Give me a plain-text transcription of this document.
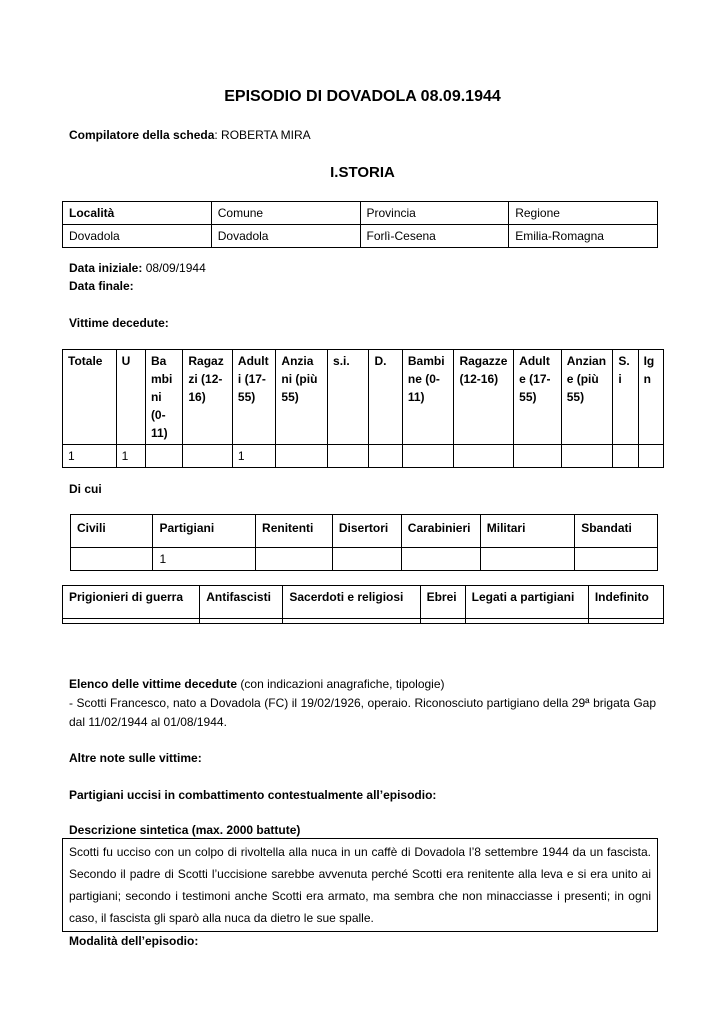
EPISODIO DI DOVADOLA 08.09.1944
Compilatore della scheda: ROBERTA MIRA
I.STORIA
Località	Comune	Provincia	Regione
Dovadola	Dovadola	Forlì-Cesena	Emilia-Romagna
Data iniziale: 08/09/1944
Data finale:
Vittime decedute:
Totale	U	Ba
mbi
ni
(0-
11)	Ragaz
zi (12-
16)	Adult
i (17-
55)	Anzia
ni (più
55)	s.i.	D.	Bambi
ne (0-
11)	Ragazze
(12-16)	Adult
e (17-
55)	Anzian
e (più
55)	S.
i	Ig
n
1	1			1									
Di cui
Civili	Partigiani	Renitenti	Disertori	Carabinieri	Militari	Sbandati
	1					
Prigionieri di guerra	Antifascisti	Sacerdoti e religiosi	Ebrei	Legati a partigiani	Indefinito

Elenco delle vittime decedute (con indicazioni anagrafiche, tipologie)
- Scotti Francesco, nato a Dovadola (FC) il 19/02/1926, operaio. Riconosciuto partigiano della 29ª brigata Gap dal 11/02/1944 al 01/08/1944.
Altre note sulle vittime:
Partigiani uccisi in combattimento contestualmente all’episodio:
Descrizione sintetica (max. 2000 battute)
Scotti fu ucciso con un colpo di rivoltella alla nuca in un caffè di Dovadola l’8 settembre 1944 da un fascista. Secondo il padre di Scotti l’uccisione sarebbe avvenuta perché Scotti era renitente alla leva e si era unito ai partigiani; secondo i testimoni anche Scotti era armato, ma sembra che non minacciasse i presenti; in ogni caso, il fascista gli sparò alla nuca da dietro le sue spalle.
Modalità dell’episodio:
